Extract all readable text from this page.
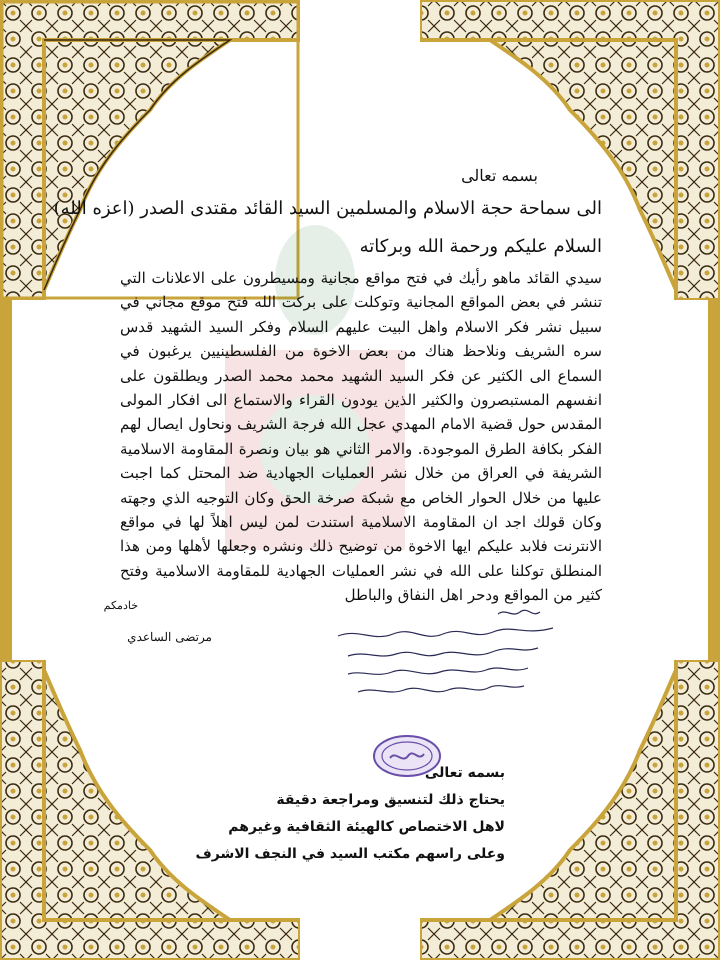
بسمه تعالى
الى سماحة حجة الاسلام والمسلمين السيد القائد مقتدى الصدر (اعزه الله)
السلام عليكم ورحمة الله وبركاته
سيدي القائد ماهو رأيك في فتح مواقع مجانية ومسيطرون على الاعلانات التي تنشر في بعض المواقع المجانية وتوكلت على بركت الله فتح موقع مجاني في سبيل نشر فكر الاسلام واهل البيت عليهم السلام وفكر السيد الشهيد قدس سره الشريف ونلاحظ هناك من بعض الاخوة من الفلسطينيين يرغبون في السماع الى الكثير عن فكر السيد الشهيد محمد محمد الصدر ويطلقون على انفسهم المستبصرون والكثير الذين يودون القراء والاستماع الى افكار المولى المقدس حول قضية الامام المهدي عجل الله فرجة الشريف ونحاول ايصال لهم الفكر بكافة الطرق الموجودة. والامر الثاني هو بيان ونصرة المقاومة الاسلامية الشريفة في العراق من خلال نشر العمليات الجهادية ضد المحتل كما اجبت عليها من خلال الحوار الخاص مع شبكة صرخة الحق وكان التوجيه الذي وجهته وكان قولك اجد ان المقاومة الاسلامية استندت لمن ليس اهلاً لها في مواقع الانترنت فلابد عليكم ايها الاخوة من توضيح ذلك ونشره وجعلها لأهلها ومن هذا المنطلق توكلنا على الله في نشر العمليات الجهادية للمقاومة الاسلامية وفتح كثير من المواقع ودحر اهل النفاق والباطل
خادمكم
مرتضى الساعدي
بسمه تعالى
يحتاج ذلك لتنسيق ومراجعة دقيقة
لاهل الاختصاص كالهيئة الثقافية وغيرهم
وعلى راسهم مكتب السيد في النجف الاشرف
